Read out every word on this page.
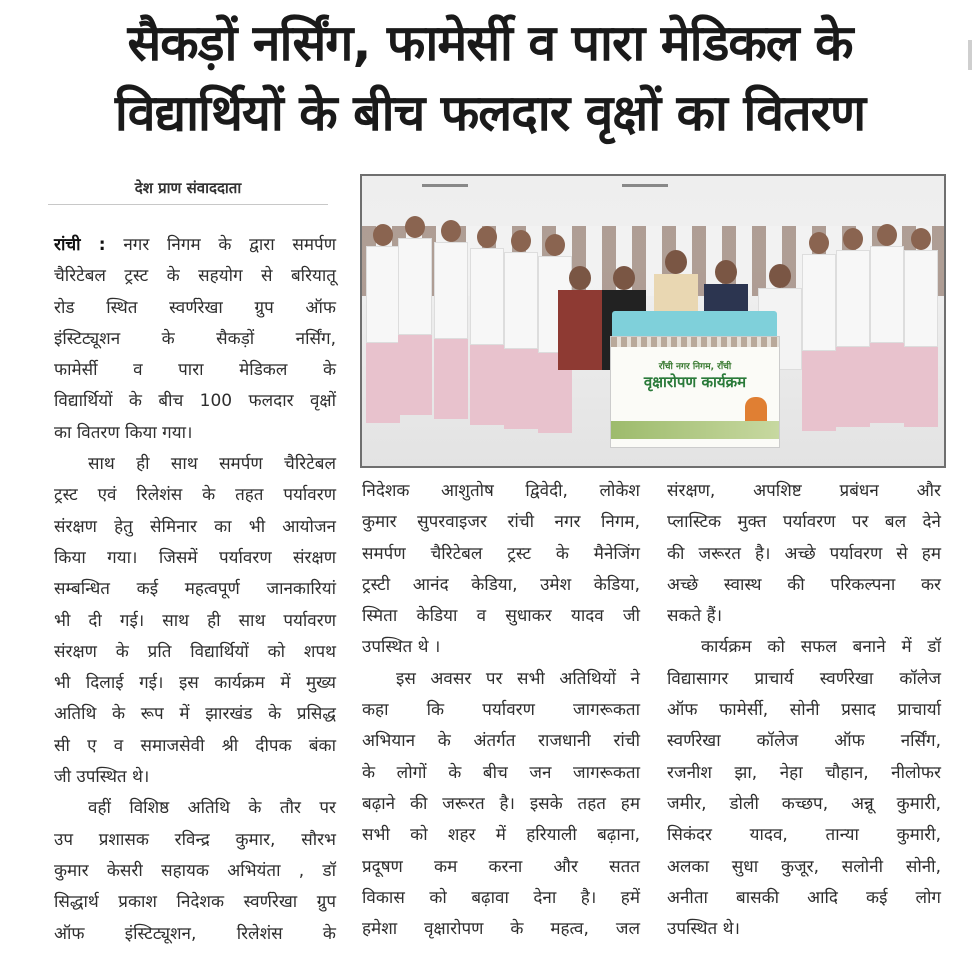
सैकड़ों नर्सिंग, फामेर्सी व पारा मेडिकल के
विद्यार्थियों के बीच फलदार वृक्षों का वितरण
देश प्राण संवाददाता
रांची : नगर निगम के द्वारा समर्पण
चैरिटेबल ट्रस्ट के सहयोग से बरियातू
रोड स्थित स्वर्णरेखा ग्रुप ऑफ
इंस्टिट्यूशन के सैकड़ों नर्सिंग,
फामेर्सी व पारा मेडिकल के
विद्यार्थियों के बीच 100 फलदार वृक्षों
का वितरण किया गया।
साथ ही साथ समर्पण चैरिटेबल
ट्रस्ट एवं रिलेशंस के तहत पर्यावरण
संरक्षण हेतु सेमिनार का भी आयोजन
किया गया। जिसमें पर्यावरण संरक्षण
सम्बन्धित कई महत्वपूर्ण जानकारियां
भी दी गई। साथ ही साथ पर्यावरण
संरक्षण के प्रति विद्यार्थियों को शपथ
भी दिलाई गई। इस कार्यक्रम में मुख्य
अतिथि के रूप में झारखंड के प्रसिद्ध
सी ए व समाजसेवी श्री दीपक बंका
जी उपस्थित थे।
वहीं विशिष्ठ अतिथि के तौर पर
उप प्रशासक रविन्द्र कुमार, सौरभ
कुमार केसरी सहायक अभियंता , डॉ
सिद्धार्थ प्रकाश निदेशक स्वर्णरेखा ग्रुप
ऑफ इंस्टिट्यूशन, रिलेशंस के
राँची नगर निगम, राँची
वृक्षारोपण कार्यक्रम
निदेशक आशुतोष द्विवेदी, लोकेश
कुमार सुपरवाइजर रांची नगर निगम,
समर्पण चैरिटेबल ट्रस्ट के मैनेजिंग
ट्रस्टी आनंद केडिया, उमेश केडिया,
स्मिता केडिया व सुधाकर यादव जी
उपस्थित थे ।
इस अवसर पर सभी अतिथियों ने
कहा कि पर्यावरण जागरूकता
अभियान के अंतर्गत राजधानी रांची
के लोगों के बीच जन जागरूकता
बढ़ाने की जरूरत है। इसके तहत हम
सभी को शहर में हरियाली बढ़ाना,
प्रदूषण कम करना और सतत
विकास को बढ़ावा देना है। हमें
हमेशा वृक्षारोपण के महत्व, जल
संरक्षण, अपशिष्ट प्रबंधन और
प्लास्टिक मुक्त पर्यावरण पर बल देने
की जरूरत है। अच्छे पर्यावरण से हम
अच्छे स्वास्थ की परिकल्पना कर
सकते हैं।
कार्यक्रम को सफल बनाने में डॉ
विद्यासागर प्राचार्य स्वर्णरेखा कॉलेज
ऑफ फामेर्सी, सोनी प्रसाद प्राचार्या
स्वर्णरेखा कॉलेज ऑफ नर्सिंग,
रजनीश झा, नेहा चौहान, नीलोफर
जमीर, डोली कच्छप, अन्नू कुमारी,
सिकंदर यादव, तान्या कुमारी,
अलका सुधा कुजूर, सलोनी सोनी,
अनीता बासकी आदि कई लोग
उपस्थित थे।
